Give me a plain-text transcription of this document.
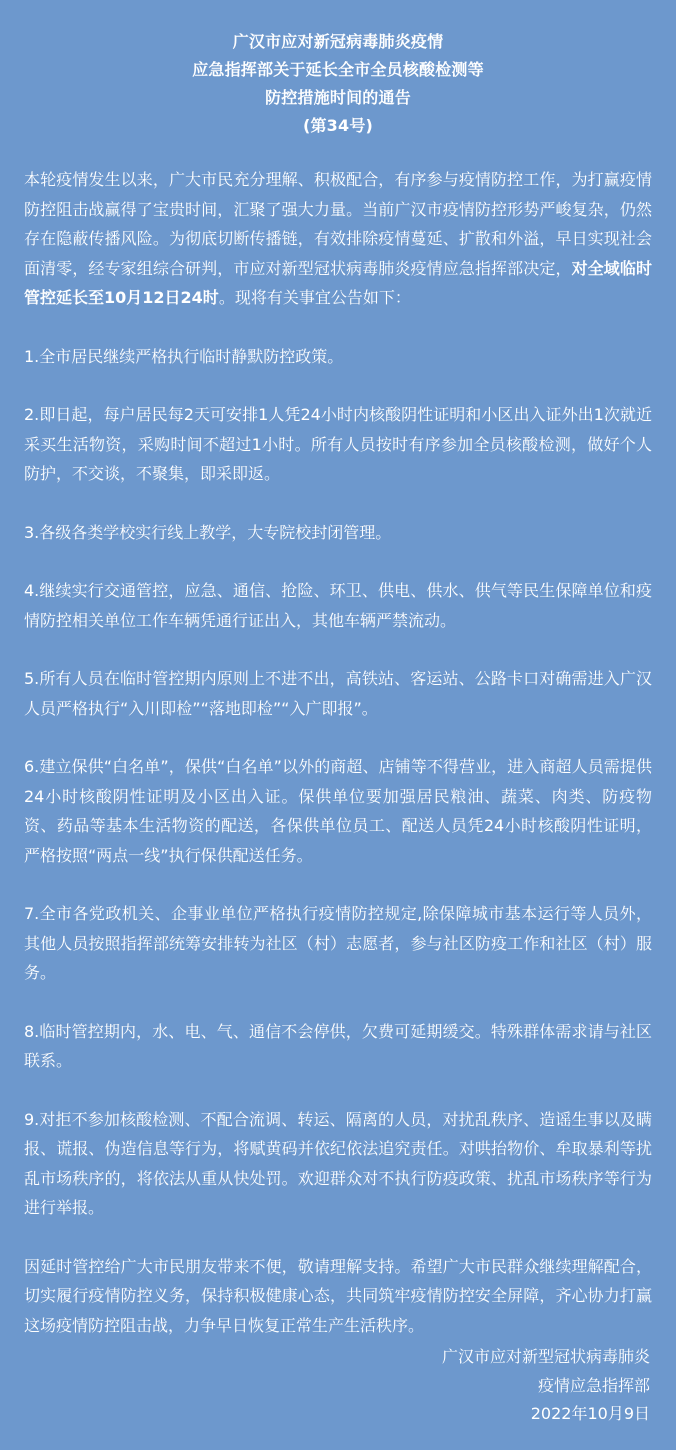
广汉市应对新冠病毒肺炎疫情
应急指挥部关于延长全市全员核酸检测等
防控措施时间的通告
(第34号)

本轮疫情发生以来，广大市民充分理解、积极配合，有序参与疫情防控工作，为打赢疫情防控阻击战赢得了宝贵时间，汇聚了强大力量。当前广汉市疫情防控形势严峻复杂，仍然存在隐蔽传播风险。为彻底切断传播链，有效排除疫情蔓延、扩散和外溢，早日实现社会面清零，经专家组综合研判，市应对新型冠状病毒肺炎疫情应急指挥部决定，对全域临时管控延长至10月12日24时。现将有关事宜公告如下：

1.全市居民继续严格执行临时静默防控政策。

2.即日起，每户居民每2天可安排1人凭24小时内核酸阴性证明和小区出入证外出1次就近采买生活物资，采购时间不超过1小时。所有人员按时有序参加全员核酸检测，做好个人防护，不交谈，不聚集，即采即返。

3.各级各类学校实行线上教学，大专院校封闭管理。

4.继续实行交通管控，应急、通信、抢险、环卫、供电、供水、供气等民生保障单位和疫情防控相关单位工作车辆凭通行证出入，其他车辆严禁流动。

5.所有人员在临时管控期内原则上不进不出，高铁站、客运站、公路卡口对确需进入广汉人员严格执行“入川即检”“落地即检”“入广即报”。

6.建立保供“白名单”，保供“白名单”以外的商超、店铺等不得营业，进入商超人员需提供24小时核酸阴性证明及小区出入证。保供单位要加强居民粮油、蔬菜、肉类、防疫物资、药品等基本生活物资的配送，各保供单位员工、配送人员凭24小时核酸阴性证明，严格按照“两点一线”执行保供配送任务。

7.全市各党政机关、企事业单位严格执行疫情防控规定,除保障城市基本运行等人员外，其他人员按照指挥部统筹安排转为社区（村）志愿者，参与社区防疫工作和社区（村）服务。

8.临时管控期内，水、电、气、通信不会停供，欠费可延期缓交。特殊群体需求请与社区联系。

9.对拒不参加核酸检测、不配合流调、转运、隔离的人员，对扰乱秩序、造谣生事以及瞒报、谎报、伪造信息等行为，将赋黄码并依纪依法追究责任。对哄抬物价、牟取暴利等扰乱市场秩序的，将依法从重从快处罚。欢迎群众对不执行防疫政策、扰乱市场秩序等行为进行举报。

因延时管控给广大市民朋友带来不便，敬请理解支持。希望广大市民群众继续理解配合，切实履行疫情防控义务，保持积极健康心态，共同筑牢疫情防控安全屏障，齐心协力打赢这场疫情防控阻击战，力争早日恢复正常生产生活秩序。

广汉市应对新型冠状病毒肺炎
疫情应急指挥部
2022年10月9日
